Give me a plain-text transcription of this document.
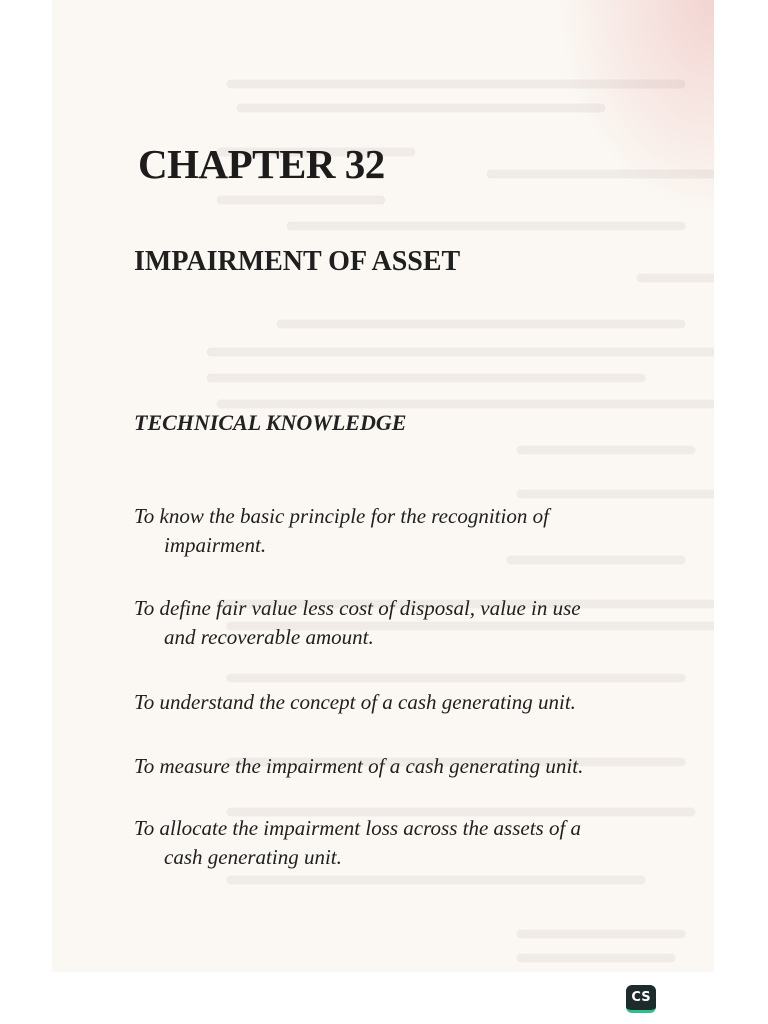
CHAPTER 32
IMPAIRMENT OF ASSET
TECHNICAL KNOWLEDGE
To know the basic principle for the recognition of
impairment.
To define fair value less cost of disposal, value in use
and recoverable amount.
To understand the concept of a cash generating unit.
To measure the impairment of a cash generating unit.
To allocate the impairment loss across the assets of a
cash generating unit.
CS
